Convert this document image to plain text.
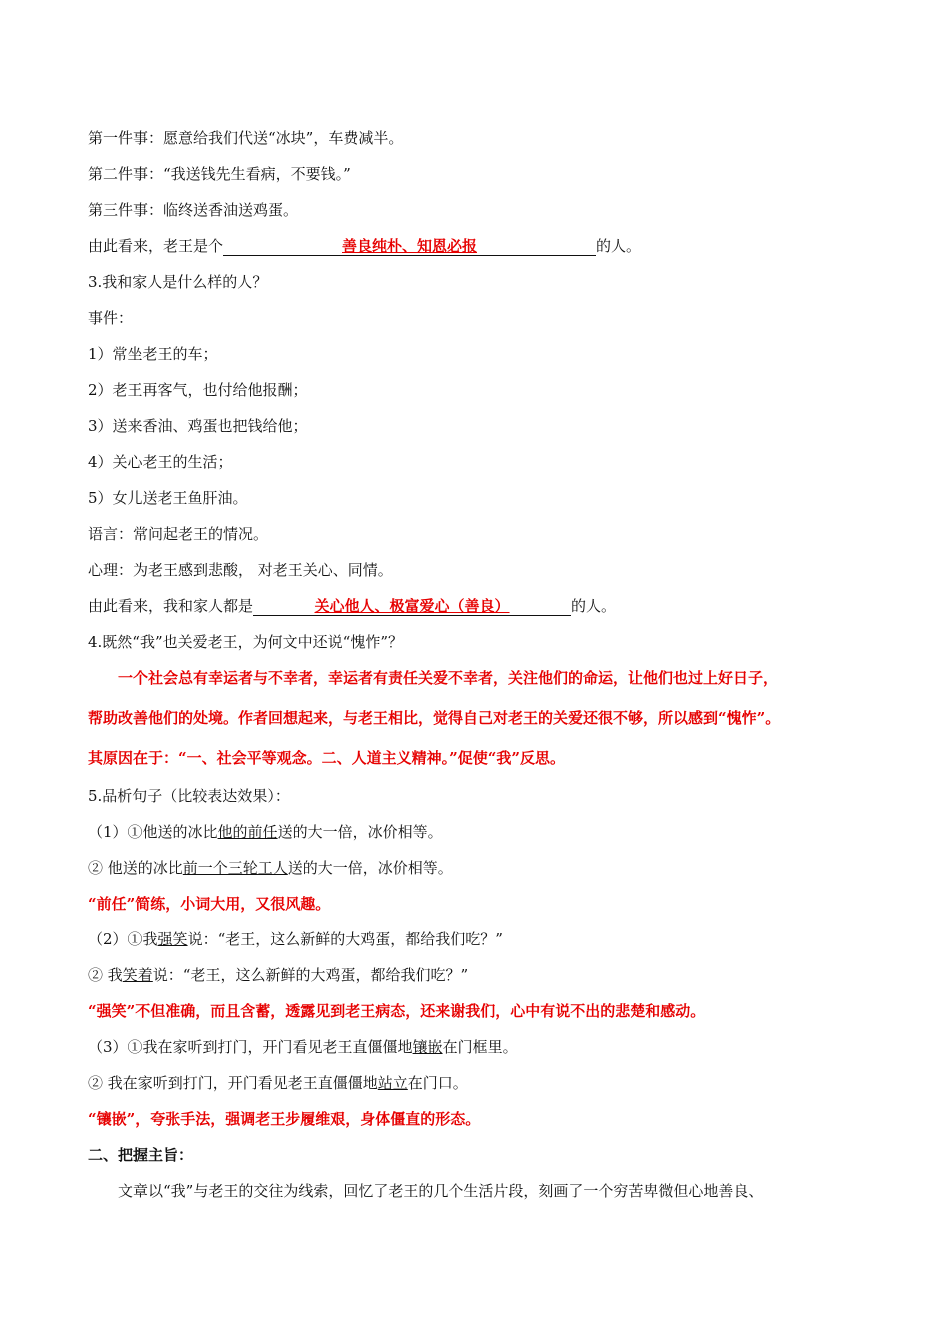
第一件事：愿意给我们代送“冰块”，车费减半。
第二件事：“我送钱先生看病，不要钱。”
第三件事：临终送香油送鸡蛋。
由此看来，老王是个	善良纯朴、知恩必报	的人。
3.我和家人是什么样的人？
事件：
1）常坐老王的车；
2）老王再客气，也付给他报酬；
3）送来香油、鸡蛋也把钱给他；
4）关心老王的生活；
5）女儿送老王鱼肝油。
语言：常问起老王的情况。
心理：为老王感到悲酸， 对老王关心、同情。
由此看来，我和家人都是	关心他人、极富爱心（善良）	的人。
4.既然“我”也关爱老王，为何文中还说“愧怍”？
一个社会总有幸运者与不幸者，幸运者有责任关爱不幸者，关注他们的命运，让他们也过上好日子，
帮助改善他们的处境。作者回想起来，与老王相比，觉得自己对老王的关爱还很不够，所以感到“愧怍”。
其原因在于：“一、社会平等观念。二、人道主义精神。”促使“我”反思。
5.品析句子（比较表达效果）：
（1）①他送的冰比他的前任送的大一倍，冰价相等。
② 他送的冰比前一个三轮工人送的大一倍，冰价相等。
“前任”简练，小词大用，又很风趣。
（2）①我强笑说：“老王，这么新鲜的大鸡蛋，都给我们吃？”
② 我笑着说：“老王，这么新鲜的大鸡蛋，都给我们吃？”
“强笑”不但准确，而且含蓄，透露见到老王病态，还来谢我们，心中有说不出的悲楚和感动。
（3）①我在家听到打门，开门看见老王直僵僵地镶嵌在门框里。
② 我在家听到打门，开门看见老王直僵僵地站立在门口。
“镶嵌”，夸张手法，强调老王步履维艰，身体僵直的形态。
二、把握主旨：
文章以“我”与老王的交往为线索，回忆了老王的几个生活片段，刻画了一个穷苦卑微但心地善良、
